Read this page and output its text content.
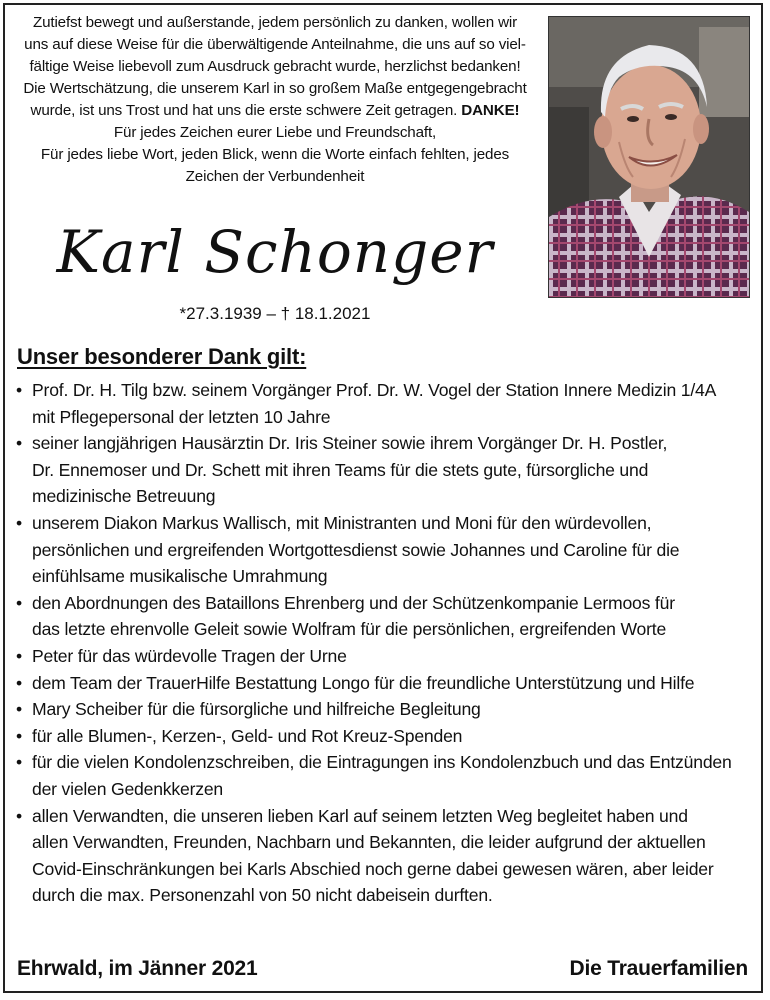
Zutiefst bewegt und außerstande, jedem persönlich zu danken, wollen wir

uns auf diese Weise für die überwältigende Anteilnahme, die uns auf so viel-

fältige Weise liebevoll zum Ausdruck gebracht wurde, herzlichst bedanken!

Die Wertschätzung, die unserem Karl in so großem Maße entgegengebracht

wurde, ist uns Trost und hat uns die erste schwere Zeit getragen. DANKE!

Für jedes Zeichen eurer Liebe und Freundschaft,

Für jedes liebe Wort, jeden Blick, wenn die Worte einfach fehlten, jedes

Zeichen der Verbundenheit

Karl Schonger
*27.3.1939 – † 18.1.2021
Unser besonderer Dank gilt:
• Prof. Dr. H. Tilg bzw. seinem Vorgänger Prof. Dr. W. Vogel der Station Innere Medizin 1/4A
mit Pflegepersonal der letzten 10 Jahre
• seiner langjährigen Hausärztin Dr. Iris Steiner sowie ihrem Vorgänger Dr. H. Postler,
Dr. Ennemoser und Dr. Schett mit ihren Teams für die stets gute, fürsorgliche und
medizinische Betreuung
• unserem Diakon Markus Wallisch, mit Ministranten und Moni für den würdevollen,
persönlichen und ergreifenden Wortgottesdienst sowie Johannes und Caroline für die
einfühlsame musikalische Umrahmung
• den Abordnungen des Bataillons Ehrenberg und der Schützenkompanie Lermoos für
das letzte ehrenvolle Geleit sowie Wolfram für die persönlichen, ergreifenden Worte
• Peter für das würdevolle Tragen der Urne
• dem Team der TrauerHilfe Bestattung Longo für die freundliche Unterstützung und Hilfe
• Mary Scheiber für die fürsorgliche und hilfreiche Begleitung
• für alle Blumen-, Kerzen-, Geld- und Rot Kreuz-Spenden
• für die vielen Kondolenzschreiben, die Eintragungen ins Kondolenzbuch und das Entzünden
der vielen Gedenkkerzen
• allen Verwandten, die unseren lieben Karl auf seinem letzten Weg begleitet haben und
allen Verwandten, Freunden, Nachbarn und Bekannten, die leider aufgrund der aktuellen
Covid-Einschränkungen bei Karls Abschied noch gerne dabei gewesen wären, aber leider
durch die max. Personenzahl von 50 nicht dabeisein durften.
Ehrwald, im Jänner 2021	Die Trauerfamilien
